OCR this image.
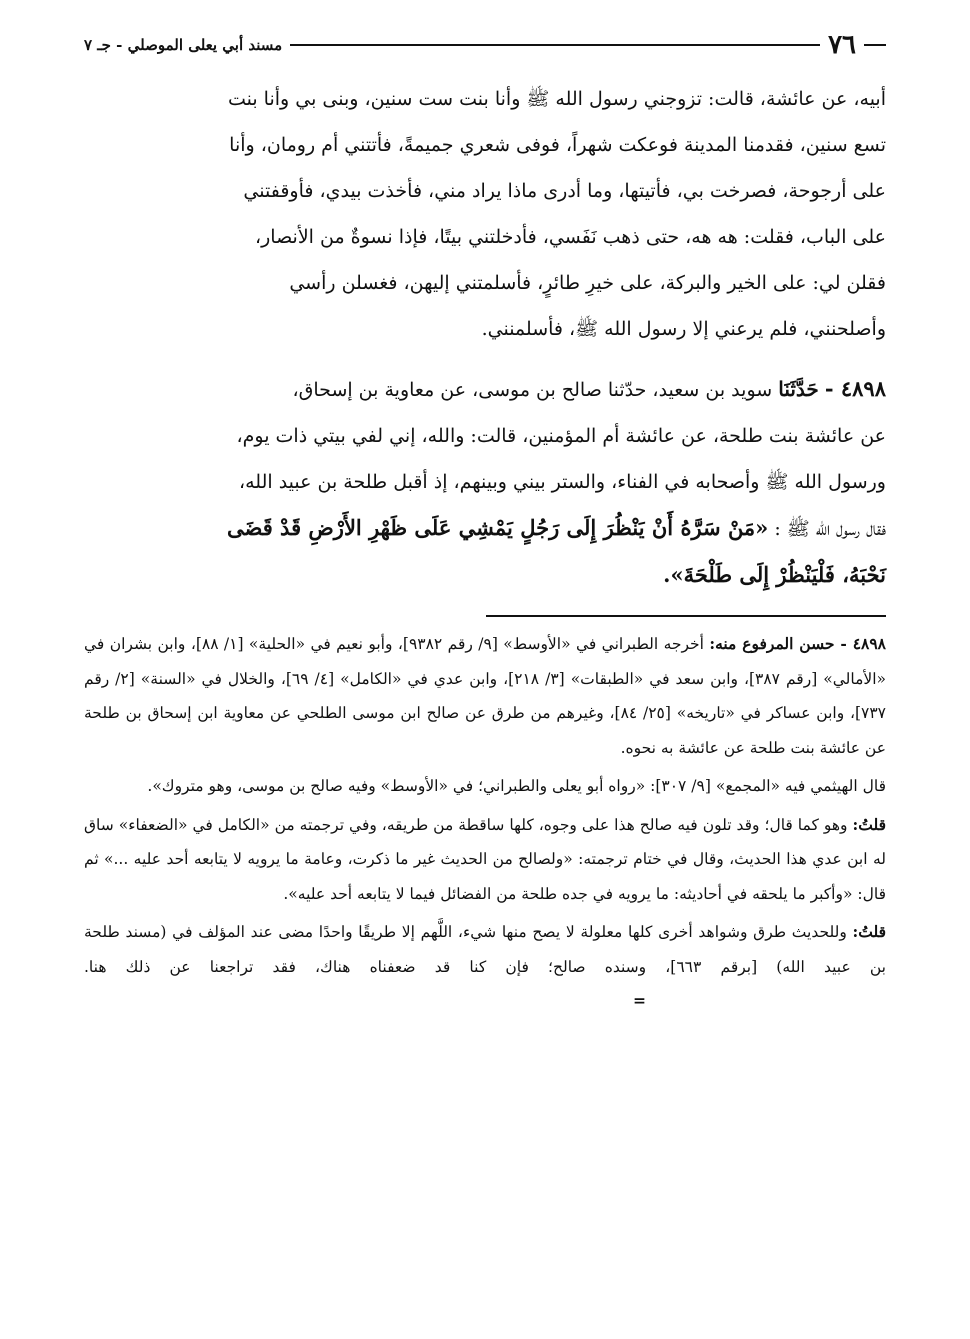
٧٦
مسند أبي يعلى الموصلي - جـ ٧

أبيه، عن عائشة، قالت: تزوجني رسول الله ﷺ وأنا بنت ست سنين، وبنى بي وأنا بنت

تسع سنين، فقدمنا المدينة فوعكت شهراً، فوفى شعري جميمةً، فأتتني أم رومان، وأنا

على أرجوحة، فصرخت بي، فأتيتها، وما أدرى ماذا يراد مني، فأخذت بيدي، فأوقفتني

على الباب، فقلت: هه هه، حتى ذهب نَفَسي، فأدخلتني بيتًا، فإذا نسوةٌ من الأنصار،

فقلن لي: على الخير والبركة، على خيرِ طائرٍ، فأسلمتني إليهن، فغسلن رأسي

وأصلحنني، فلم يرعني إلا رسول الله ﷺ، فأسلمنني.

٤٨٩٨ - حَدَّثَنَا سويد بن سعيد، حدّثنا صالح بن موسى، عن معاوية بن إسحاق،

عن عائشة بنت طلحة، عن عائشة أم المؤمنين، قالت: والله، إني لفي بيتي ذات يوم،

ورسول الله ﷺ وأصحابه في الفناء، والستر بيني وبينهم، إذ أقبل طلحة بن عبيد الله،

فقال رسول الله ﷺ : «مَنْ سَرَّهُ أَنْ يَنْظُرَ إِلَى رَجُلٍ يَمْشِي عَلَى ظَهْرِ الأَرْضِ قَدْ قَضَى

نَحْبَهُ، فَلْيَنْظُرْ إِلَى طَلْحَةَ».

٤٨٩٨ - حسن المرفوع منه: أخرجه الطبراني في «الأوسط» [٩/ رقم ٩٣٨٢]، وأبو نعيم في «الحلية» [١/ ٨٨]، وابن بشران في «الأمالي» [رقم ٣٨٧]، وابن سعد في «الطبقات» [٣/ ٢١٨]، وابن عدي في «الكامل» [٤/ ٦٩]، والخلال في «السنة» [٢/ رقم ٧٣٧]، وابن عساكر في «تاريخه» [٢٥/ ٨٤]، وغيرهم من طرق عن صالح ابن موسى الطلحي عن معاوية ابن إسحاق بن طلحة عن عائشة بنت طلحة عن عائشة به نحوه.

قال الهيثمي فيه «المجمع» [٩/ ٣٠٧]: «رواه أبو يعلى والطبراني؛ في «الأوسط» وفيه صالح بن موسى، وهو متروك».

قلتُ: وهو كما قال؛ وقد تلون فيه صالح هذا على وجوه، كلها ساقطة من طريقه، وفي ترجمته من «الكامل في «الضعفاء» ساق له ابن عدي هذا الحديث، وقال في ختام ترجمته: «ولصالح من الحديث غير ما ذكرت، وعامة ما يرويه لا يتابعه أحد عليه ...» ثم قال: «وأكبر ما يلحقه في أحاديثه: ما يرويه في جده طلحة من الفضائل فيما لا يتابعه أحد عليه».

قلتُ: وللحديث طرق وشواهد أخرى كلها معلولة لا يصح منها شيء، اللَّهم إلا طريقًا واحدًا مضى عند المؤلف في (مسند طلحة بن عبيد الله) [برقم ٦٦٣]، وسنده صالح؛ فإن كنا قد ضعفناه هناك، فقد تراجعنا عن ذلك هنا. =
